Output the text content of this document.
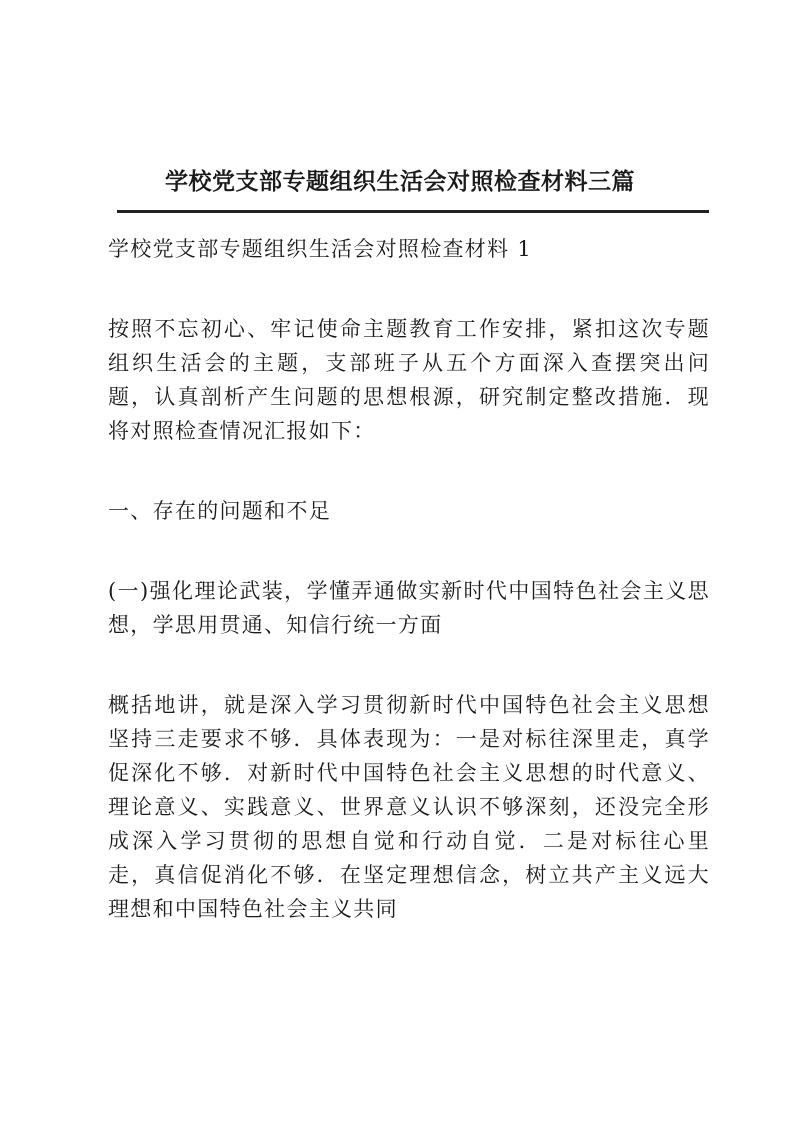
学校党支部专题组织生活会对照检查材料三篇

学校党支部专题组织生活会对照检查材料 1

按照不忘初心、牢记使命主题教育工作安排，紧扣这次专题组织生活会的主题，支部班子从五个方面深入查摆突出问题，认真剖析产生问题的思想根源，研究制定整改措施．现将对照检查情况汇报如下：

一、存在的问题和不足

(一)强化理论武装，学懂弄通做实新时代中国特色社会主义思想，学思用贯通、知信行统一方面

概括地讲，就是深入学习贯彻新时代中国特色社会主义思想坚持三走要求不够．具体表现为：一是对标往深里走，真学促深化不够．对新时代中国特色社会主义思想的时代意义、理论意义、实践意义、世界意义认识不够深刻，还没完全形成深入学习贯彻的思想自觉和行动自觉．二是对标往心里走，真信促消化不够．在坚定理想信念，树立共产主义远大理想和中国特色社会主义共同
